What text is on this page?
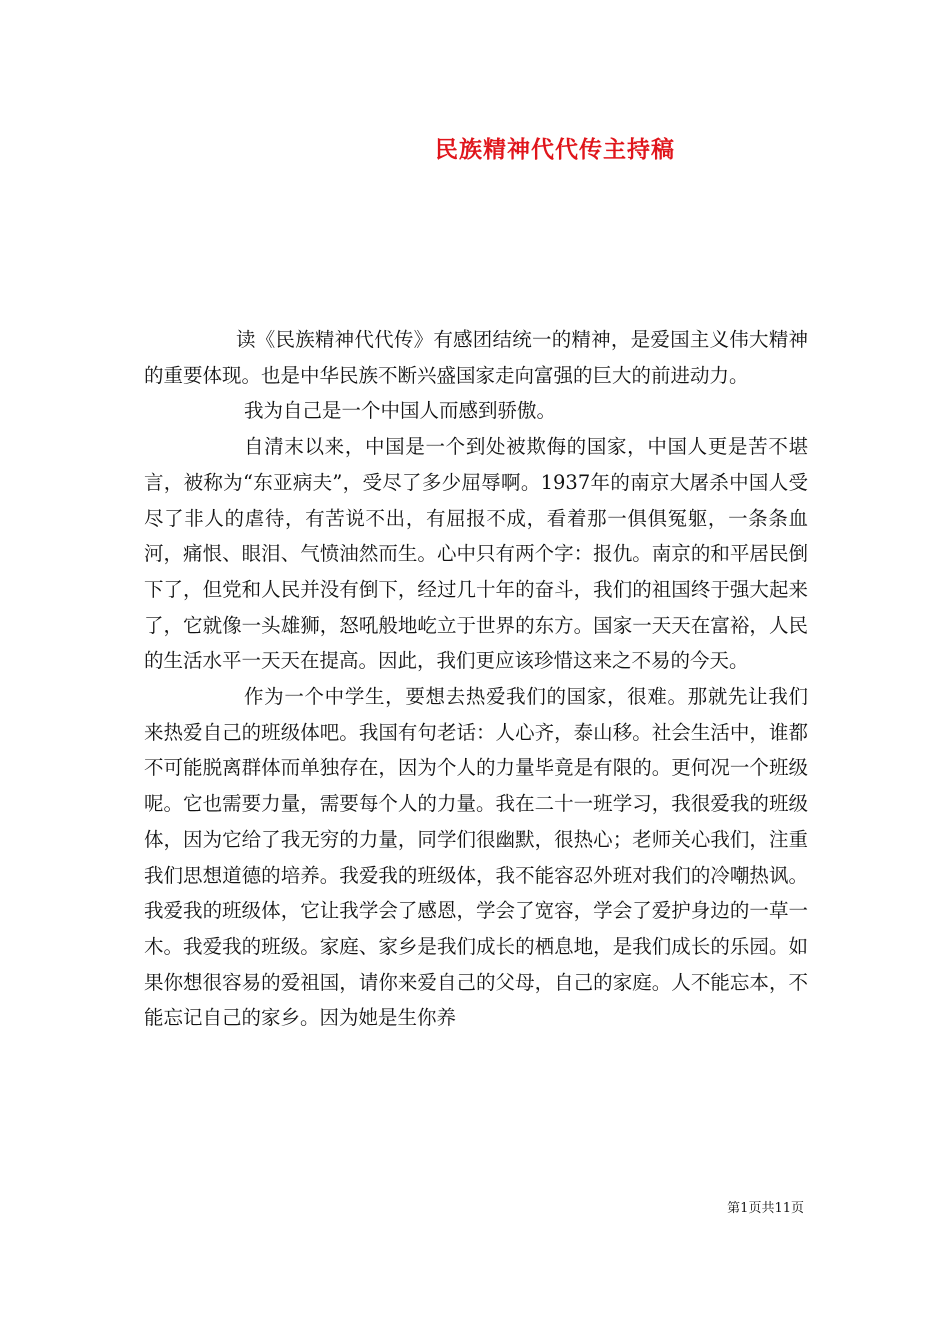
民族精神代代传主持稿

读《民族精神代代传》有感团结统一的精神，是爱国主义伟大精神的重要体现。也是中华民族不断兴盛国家走向富强的巨大的前进动力。

我为自己是一个中国人而感到骄傲。

自清末以来，中国是一个到处被欺侮的国家，中国人更是苦不堪言，被称为“东亚病夫”，受尽了多少屈辱啊。1937年的南京大屠杀中国人受尽了非人的虐待，有苦说不出，有屈报不成，看着那一俱俱冤躯，一条条血河，痛恨、眼泪、气愤油然而生。心中只有两个字：报仇。南京的和平居民倒下了，但党和人民并没有倒下，经过几十年的奋斗，我们的祖国终于强大起来了，它就像一头雄狮，怒吼般地屹立于世界的东方。国家一天天在富裕，人民的生活水平一天天在提高。因此，我们更应该珍惜这来之不易的今天。

作为一个中学生，要想去热爱我们的国家，很难。那就先让我们来热爱自己的班级体吧。我国有句老话：人心齐，泰山移。社会生活中，谁都不可能脱离群体而单独存在，因为个人的力量毕竟是有限的。更何况一个班级呢。它也需要力量，需要每个人的力量。我在二十一班学习，我很爱我的班级体，因为它给了我无穷的力量，同学们很幽默，很热心；老师关心我们，注重我们思想道德的培养。我爱我的班级体，我不能容忍外班对我们的冷嘲热讽。我爱我的班级体，它让我学会了感恩，学会了宽容，学会了爱护身边的一草一木。我爱我的班级。家庭、家乡是我们成长的栖息地，是我们成长的乐园。如果你想很容易的爱祖国，请你来爱自己的父母，自己的家庭。人不能忘本，不能忘记自己的家乡。因为她是生你养

第1页共11页
